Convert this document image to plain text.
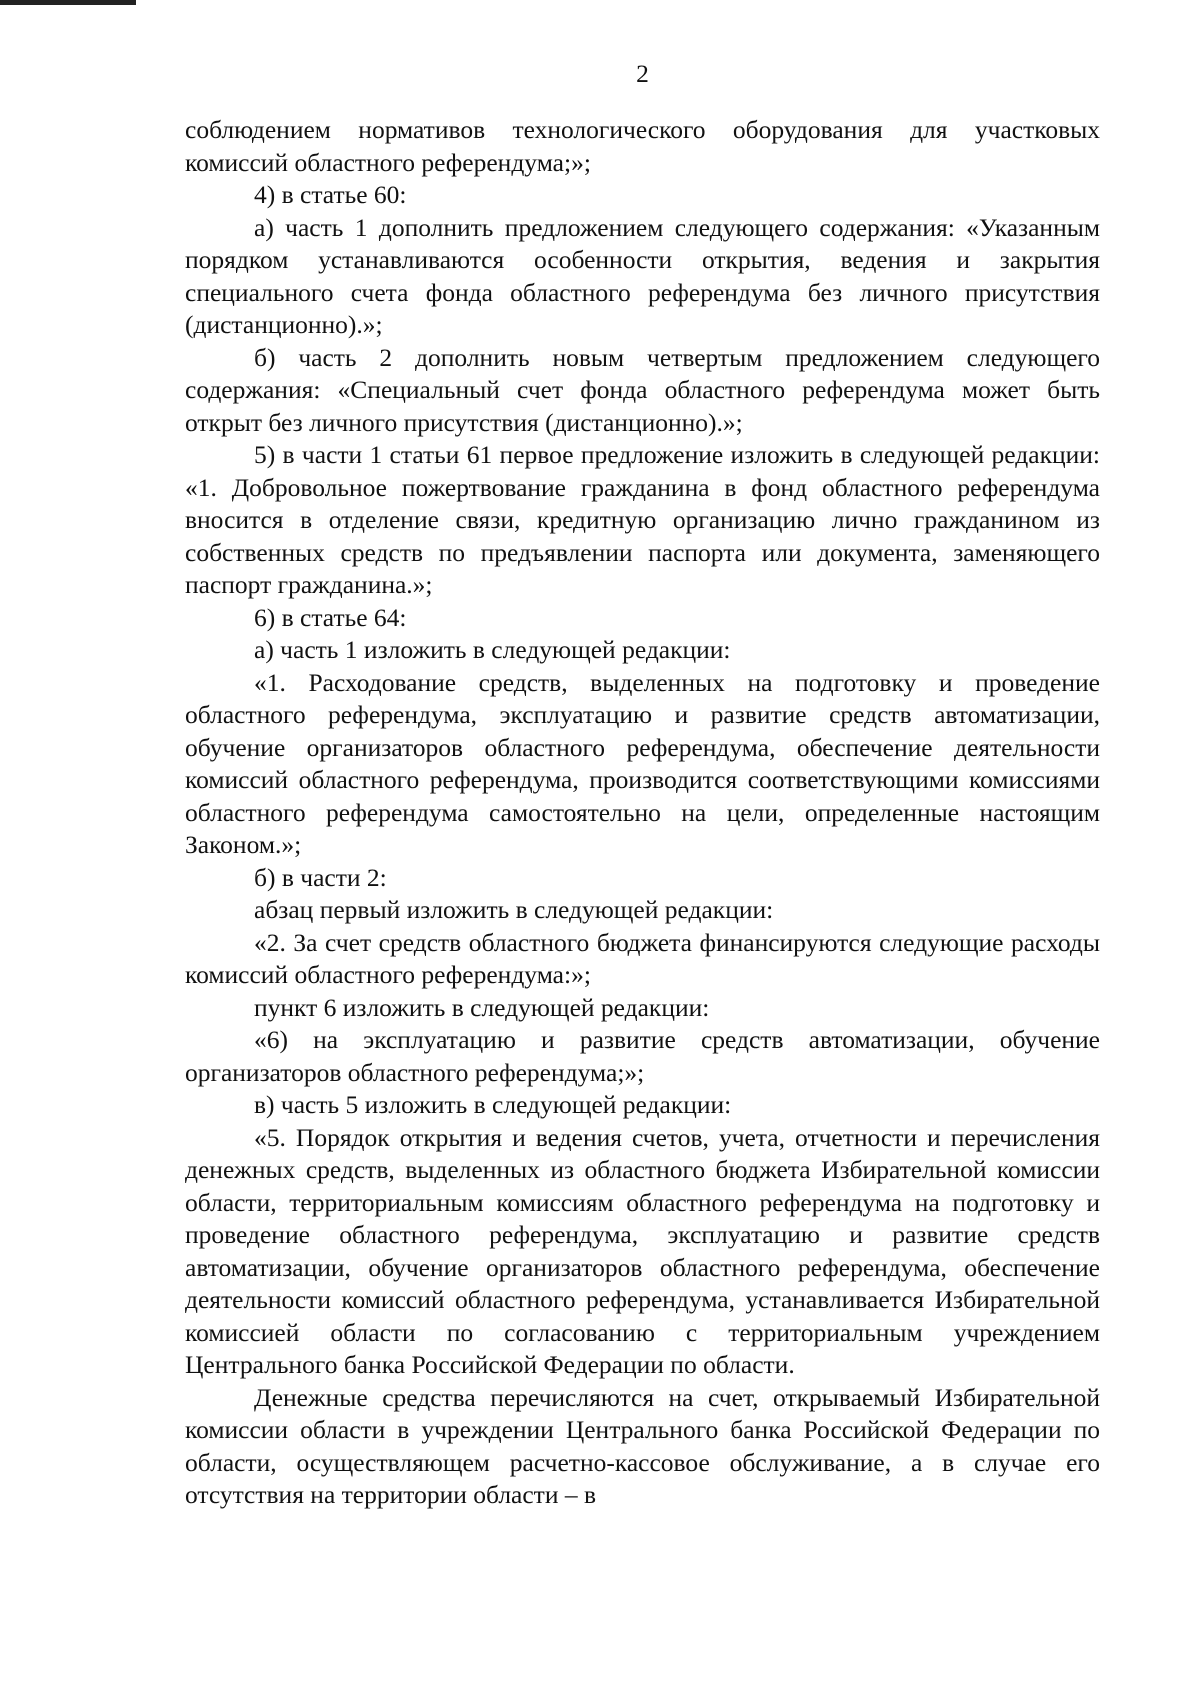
2

соблюдением нормативов технологического оборудования для участковых комиссий областного референдума;»;

4) в статье 60:

а) часть 1 дополнить предложением следующего содержания: «Указанным порядком устанавливаются особенности открытия, ведения и закрытия специального счета фонда областного референдума без личного присутствия (дистанционно).»;

б) часть 2 дополнить новым четвертым предложением следующего содержания: «Специальный счет фонда областного референдума может быть открыт без личного присутствия (дистанционно).»;

5) в части 1 статьи 61 первое предложение изложить в следующей редакции: «1. Добровольное пожертвование гражданина в фонд областного референдума вносится в отделение связи, кредитную организацию лично гражданином из собственных средств по предъявлении паспорта или документа, заменяющего паспорт гражданина.»;

6) в статье 64:

а) часть 1 изложить в следующей редакции:

«1. Расходование средств, выделенных на подготовку и проведение областного референдума, эксплуатацию и развитие средств автоматизации, обучение организаторов областного референдума, обеспечение деятельности комиссий областного референдума, производится соответствующими комиссиями областного референдума самостоятельно на цели, определенные настоящим Законом.»;

б) в части 2:

абзац первый изложить в следующей редакции:

«2. За счет средств областного бюджета финансируются следующие расходы комиссий областного референдума:»;

пункт 6 изложить в следующей редакции:

«6) на эксплуатацию и развитие средств автоматизации, обучение организаторов областного референдума;»;

в) часть 5 изложить в следующей редакции:

«5. Порядок открытия и ведения счетов, учета, отчетности и перечисления денежных средств, выделенных из областного бюджета Избирательной комиссии области, территориальным комиссиям областного референдума на подготовку и проведение областного референдума, эксплуатацию и развитие средств автоматизации, обучение организаторов областного референдума, обеспечение деятельности комиссий областного референдума, устанавливается Избирательной комиссией области по согласованию с территориальным учреждением Центрального банка Российской Федерации по области.

Денежные средства перечисляются на счет, открываемый Избирательной комиссии области в учреждении Центрального банка Российской Федерации по области, осуществляющем расчетно-кассовое обслуживание, а в случае его отсутствия на территории области – в
